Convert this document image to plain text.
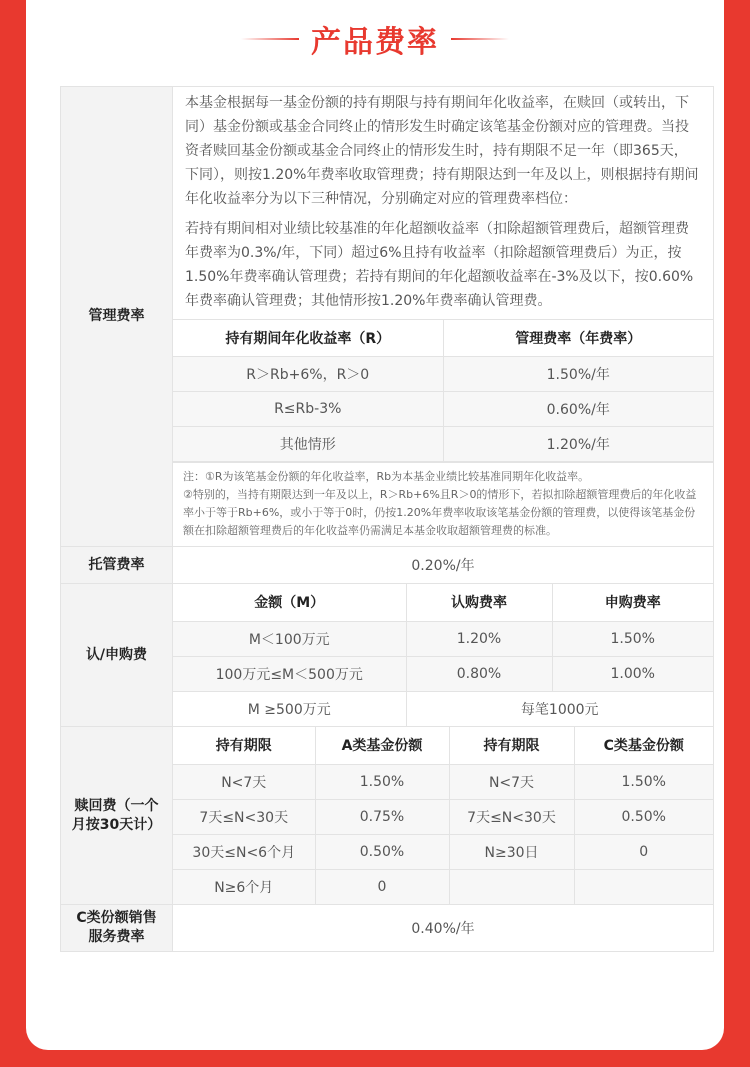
产品费率
管理费率
本基金根据每一基金份额的持有期限与持有期间年化收益率，在赎回（或转出，下同）基金份额或基金合同终止的情形发生时确定该笔基金份额对应的管理费。当投资者赎回基金份额或基金合同终止的情形发生时，持有期限不足一年（即365天，下同），则按1.20%年费率收取管理费；持有期限达到一年及以上，则根据持有期间年化收益率分为以下三种情况，分别确定对应的管理费率档位：
若持有期间相对业绩比较基准的年化超额收益率（扣除超额管理费后，超额管理费年费率为0.3%/年，下同）超过6%且持有收益率（扣除超额管理费后）为正，按1.50%年费率确认管理费；若持有期间的年化超额收益率在-3%及以下，按0.60%年费率确认管理费；其他情形按1.20%年费率确认管理费。
持有期间年化收益率（R）	管理费率（年费率）
R＞Rb+6%，R＞0	1.50%/年
R≤Rb-3%	0.60%/年
其他情形	1.20%/年
注：①R为该笔基金份额的年化收益率，Rb为本基金业绩比较基准同期年化收益率。
②特别的，当持有期限达到一年及以上，R＞Rb+6%且R＞0的情形下，若拟扣除超额管理费后的年化收益率小于等于Rb+6%，或小于等于0时，仍按1.20%年费率收取该笔基金份额的管理费，以使得该笔基金份额在扣除超额管理费后的年化收益率仍需满足本基金收取超额管理费的标准。
托管费率	0.20%/年
认/申购费
金额（M）	认购费率	申购费率
M＜100万元	1.20%	1.50%
100万元≤M＜500万元	0.80%	1.00%
M ≥500万元	每笔1000元	
赎回费（一个月按30天计）
持有期限	A类基金份额	持有期限	C类基金份额
N<7天	1.50%	N<7天	1.50%
7天≤N<30天	0.75%	7天≤N<30天	0.50%
30天≤N<6个月	0.50%	N≥30日	0
N≥6个月	0		
C类份额销售服务费率	0.40%/年
